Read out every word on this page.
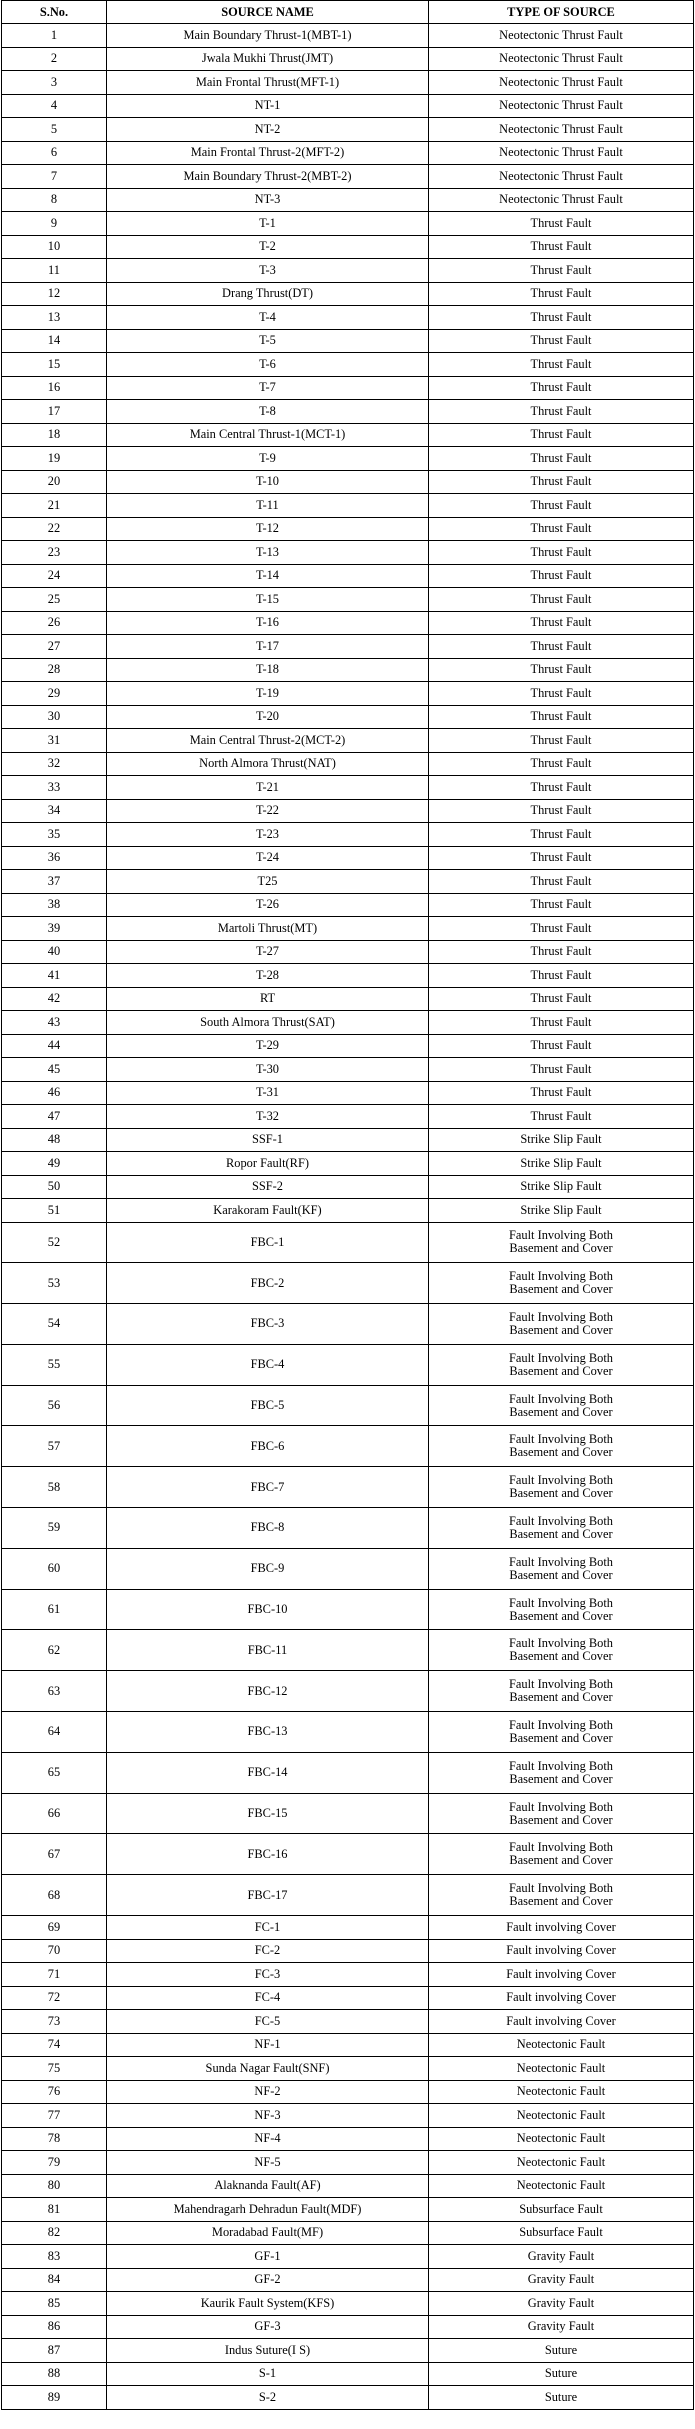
S.No.	SOURCE NAME	TYPE OF SOURCE
1	Main Boundary Thrust-1(MBT-1)	Neotectonic Thrust Fault
2	Jwala Mukhi Thrust(JMT)	Neotectonic Thrust Fault
3	Main Frontal Thrust(MFT-1)	Neotectonic Thrust Fault
4	NT-1	Neotectonic Thrust Fault
5	NT-2	Neotectonic Thrust Fault
6	Main Frontal Thrust-2(MFT-2)	Neotectonic Thrust Fault
7	Main Boundary Thrust-2(MBT-2)	Neotectonic Thrust Fault
8	NT-3	Neotectonic Thrust Fault
9	T-1	Thrust Fault
10	T-2	Thrust Fault
11	T-3	Thrust Fault
12	Drang Thrust(DT)	Thrust Fault
13	T-4	Thrust Fault
14	T-5	Thrust Fault
15	T-6	Thrust Fault
16	T-7	Thrust Fault
17	T-8	Thrust Fault
18	Main Central Thrust-1(MCT-1)	Thrust Fault
19	T-9	Thrust Fault
20	T-10	Thrust Fault
21	T-11	Thrust Fault
22	T-12	Thrust Fault
23	T-13	Thrust Fault
24	T-14	Thrust Fault
25	T-15	Thrust Fault
26	T-16	Thrust Fault
27	T-17	Thrust Fault
28	T-18	Thrust Fault
29	T-19	Thrust Fault
30	T-20	Thrust Fault
31	Main Central Thrust-2(MCT-2)	Thrust Fault
32	North Almora Thrust(NAT)	Thrust Fault
33	T-21	Thrust Fault
34	T-22	Thrust Fault
35	T-23	Thrust Fault
36	T-24	Thrust Fault
37	T25	Thrust Fault
38	T-26	Thrust Fault
39	Martoli Thrust(MT)	Thrust Fault
40	T-27	Thrust Fault
41	T-28	Thrust Fault
42	RT	Thrust Fault
43	South Almora Thrust(SAT)	Thrust Fault
44	T-29	Thrust Fault
45	T-30	Thrust Fault
46	T-31	Thrust Fault
47	T-32	Thrust Fault
48	SSF-1	Strike Slip Fault
49	Ropor Fault(RF)	Strike Slip Fault
50	SSF-2	Strike Slip Fault
51	Karakoram Fault(KF)	Strike Slip Fault
52	FBC-1	Fault Involving Both
Basement and Cover

53	FBC-2	Fault Involving Both
Basement and Cover

54	FBC-3	Fault Involving Both
Basement and Cover

55	FBC-4	Fault Involving Both
Basement and Cover

56	FBC-5	Fault Involving Both
Basement and Cover

57	FBC-6	Fault Involving Both
Basement and Cover

58	FBC-7	Fault Involving Both
Basement and Cover

59	FBC-8	Fault Involving Both
Basement and Cover

60	FBC-9	Fault Involving Both
Basement and Cover

61	FBC-10	Fault Involving Both
Basement and Cover

62	FBC-11	Fault Involving Both
Basement and Cover

63	FBC-12	Fault Involving Both
Basement and Cover

64	FBC-13	Fault Involving Both
Basement and Cover

65	FBC-14	Fault Involving Both
Basement and Cover

66	FBC-15	Fault Involving Both
Basement and Cover

67	FBC-16	Fault Involving Both
Basement and Cover

68	FBC-17	Fault Involving Both
Basement and Cover

69	FC-1	Fault involving Cover
70	FC-2	Fault involving Cover
71	FC-3	Fault involving Cover
72	FC-4	Fault involving Cover
73	FC-5	Fault involving Cover
74	NF-1	Neotectonic Fault
75	Sunda Nagar Fault(SNF)	Neotectonic Fault
76	NF-2	Neotectonic Fault
77	NF-3	Neotectonic Fault
78	NF-4	Neotectonic Fault
79	NF-5	Neotectonic Fault
80	Alaknanda Fault(AF)	Neotectonic Fault
81	Mahendragarh Dehradun Fault(MDF)	Subsurface Fault
82	Moradabad Fault(MF)	Subsurface Fault
83	GF-1	Gravity Fault
84	GF-2	Gravity Fault
85	Kaurik Fault System(KFS)	Gravity Fault
86	GF-3	Gravity Fault
87	Indus Suture(I S)	Suture
88	S-1	Suture
89	S-2	Suture
